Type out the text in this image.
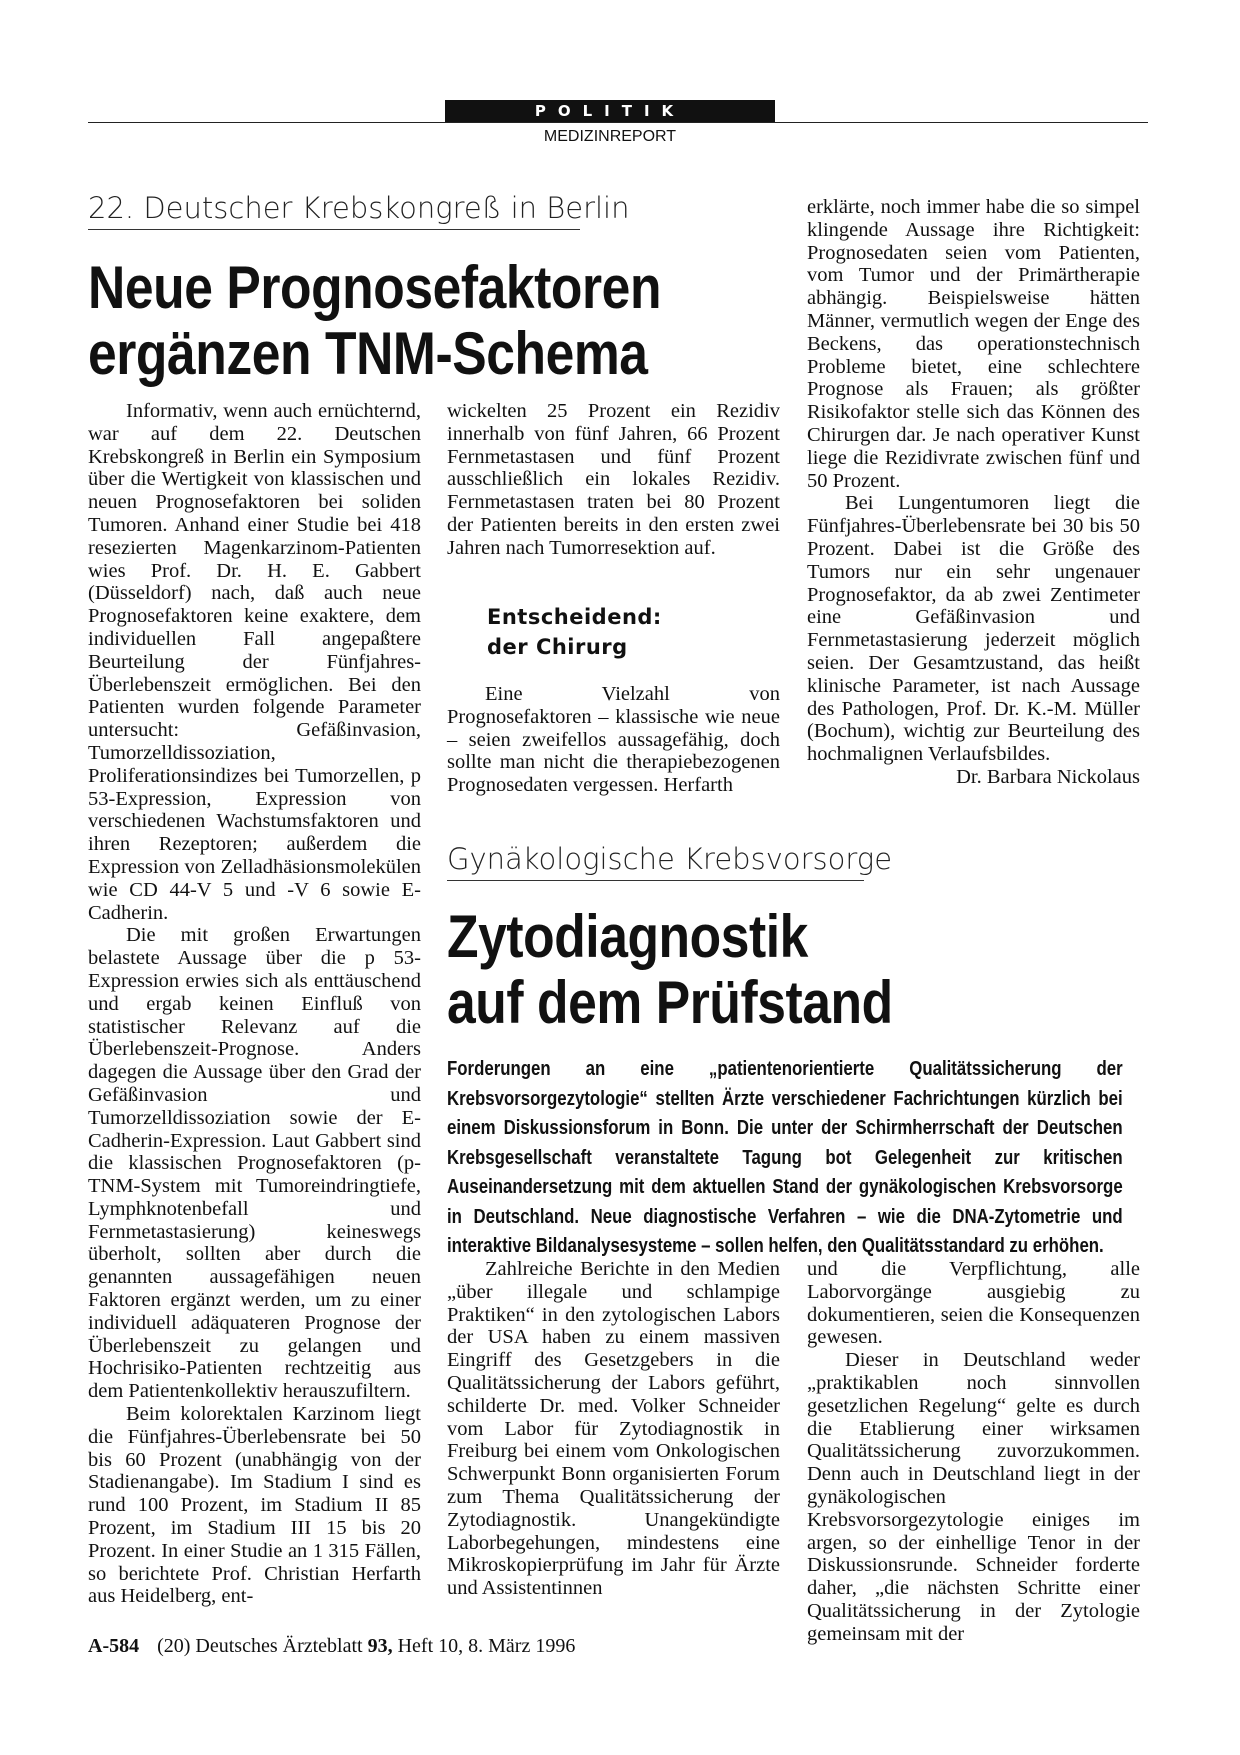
POLITIK
MEDIZINREPORT
22. Deutscher Krebskongreß in Berlin
Neue Prognosefaktoren
ergänzen TNM-Schema

Informativ, wenn auch ernüchternd, war auf dem 22. Deutschen Krebskongreß in Berlin ein Symposium über die Wertigkeit von klassischen und neuen Prognosefaktoren bei soliden Tumoren. Anhand einer Studie bei 418 resezierten Magenkarzinom-Patienten wies Prof. Dr. H. E. Gabbert (Düsseldorf) nach, daß auch neue Prognosefaktoren keine exaktere, dem individuellen Fall angepaßtere Beurteilung der Fünfjahres-Überlebenszeit ermöglichen. Bei den Patienten wurden folgende Parameter untersucht: Gefäßinvasion, Tumorzelldissoziation, Proliferationsindizes bei Tumorzellen, p 53-Expression, Expression von verschiedenen Wachstumsfaktoren und ihren Rezeptoren; außerdem die Expression von Zelladhäsionsmolekülen wie CD 44-V 5 und -V 6 sowie E-Cadherin.

Die mit großen Erwartungen belastete Aussage über die p 53-Expression erwies sich als enttäuschend und ergab keinen Einfluß von statistischer Relevanz auf die Überlebenszeit-Prognose. Anders dagegen die Aussage über den Grad der Gefäßinvasion und Tumorzelldissoziation sowie der E-Cadherin-Expression. Laut Gabbert sind die klassischen Prognosefaktoren (p-TNM-System mit Tumoreindringtiefe, Lymphknotenbefall und Fernmetastasierung) keineswegs überholt, sollten aber durch die genannten aussagefähigen neuen Faktoren ergänzt werden, um zu einer individuell adäquateren Prognose der Überlebenszeit zu gelangen und Hochrisiko-Patienten rechtzeitig aus dem Patientenkollektiv herauszufiltern.

Beim kolorektalen Karzinom liegt die Fünfjahres-Überlebensrate bei 50 bis 60 Prozent (unabhängig von der Stadienangabe). Im Stadium I sind es rund 100 Prozent, im Stadium II 85 Prozent, im Stadium III 15 bis 20 Prozent. In einer Studie an 1 315 Fällen, so berichtete Prof. Christian Herfarth aus Heidelberg, ent-

wickelten 25 Prozent ein Rezidiv innerhalb von fünf Jahren, 66 Prozent Fernmetastasen und fünf Prozent ausschließlich ein lokales Rezidiv. Fernmetastasen traten bei 80 Prozent der Patienten bereits in den ersten zwei Jahren nach Tumorresektion auf.

Entscheidend:
der Chirurg

Eine Vielzahl von Prognosefaktoren – klassische wie neue – seien zweifellos aussagefähig, doch sollte man nicht die therapiebezogenen Prognosedaten vergessen. Herfarth

erklärte, noch immer habe die so simpel klingende Aussage ihre Richtigkeit: Prognosedaten seien vom Patienten, vom Tumor und der Primärtherapie abhängig. Beispielsweise hätten Männer, vermutlich wegen der Enge des Beckens, das operationstechnisch Probleme bietet, eine schlechtere Prognose als Frauen; als größter Risikofaktor stelle sich das Können des Chirurgen dar. Je nach operativer Kunst liege die Rezidivrate zwischen fünf und 50 Prozent.

Bei Lungentumoren liegt die Fünfjahres-Überlebensrate bei 30 bis 50 Prozent. Dabei ist die Größe des Tumors nur ein sehr ungenauer Prognosefaktor, da ab zwei Zentimeter eine Gefäßinvasion und Fernmetastasierung jederzeit möglich seien. Der Gesamtzustand, das heißt klinische Parameter, ist nach Aussage des Pathologen, Prof. Dr. K.-M. Müller (Bochum), wichtig zur Beurteilung des hochmalignen Verlaufsbildes.

Dr. Barbara Nickolaus
Gynäkologische Krebsvorsorge
Zytodiagnostik
auf dem Prüfstand
Forderungen an eine „patientenorientierte Qualitätssicherung der Krebsvorsorgezytologie“ stellten Ärzte verschiedener Fachrichtungen kürzlich bei einem Diskussionsforum in Bonn. Die unter der Schirmherrschaft der Deutschen Krebsgesellschaft veranstaltete Tagung bot Gelegenheit zur kritischen Auseinandersetzung mit dem aktuellen Stand der gynäkologischen Krebsvorsorge in Deutschland. Neue diagnostische Verfahren – wie die DNA-Zytometrie und interaktive Bildanalysesysteme – sollen helfen, den Qualitätsstandard zu erhöhen.

Zahlreiche Berichte in den Medien „über illegale und schlampige Praktiken“ in den zytologischen Labors der USA haben zu einem massiven Eingriff des Gesetzgebers in die Qualitätssicherung der Labors geführt, schilderte Dr. med. Volker Schneider vom Labor für Zytodiagnostik in Freiburg bei einem vom Onkologischen Schwerpunkt Bonn organisierten Forum zum Thema Qualitätssicherung der Zytodiagnostik. Unangekündigte Laborbegehungen, mindestens eine Mikroskopierprüfung im Jahr für Ärzte und Assistentinnen

und die Verpflichtung, alle Laborvorgänge ausgiebig zu dokumentieren, seien die Konsequenzen gewesen.

Dieser in Deutschland weder „praktikablen noch sinnvollen gesetzlichen Regelung“ gelte es durch die Etablierung einer wirksamen Qualitätssicherung zuvorzukommen. Denn auch in Deutschland liegt in der gynäkologischen Krebsvorsorgezytologie einiges im argen, so der einhellige Tenor in der Diskussionsrunde. Schneider forderte daher, „die nächsten Schritte einer Qualitätssicherung in der Zytologie gemeinsam mit der

A-584 (20) Deutsches Ärzteblatt 93, Heft 10, 8. März 1996
